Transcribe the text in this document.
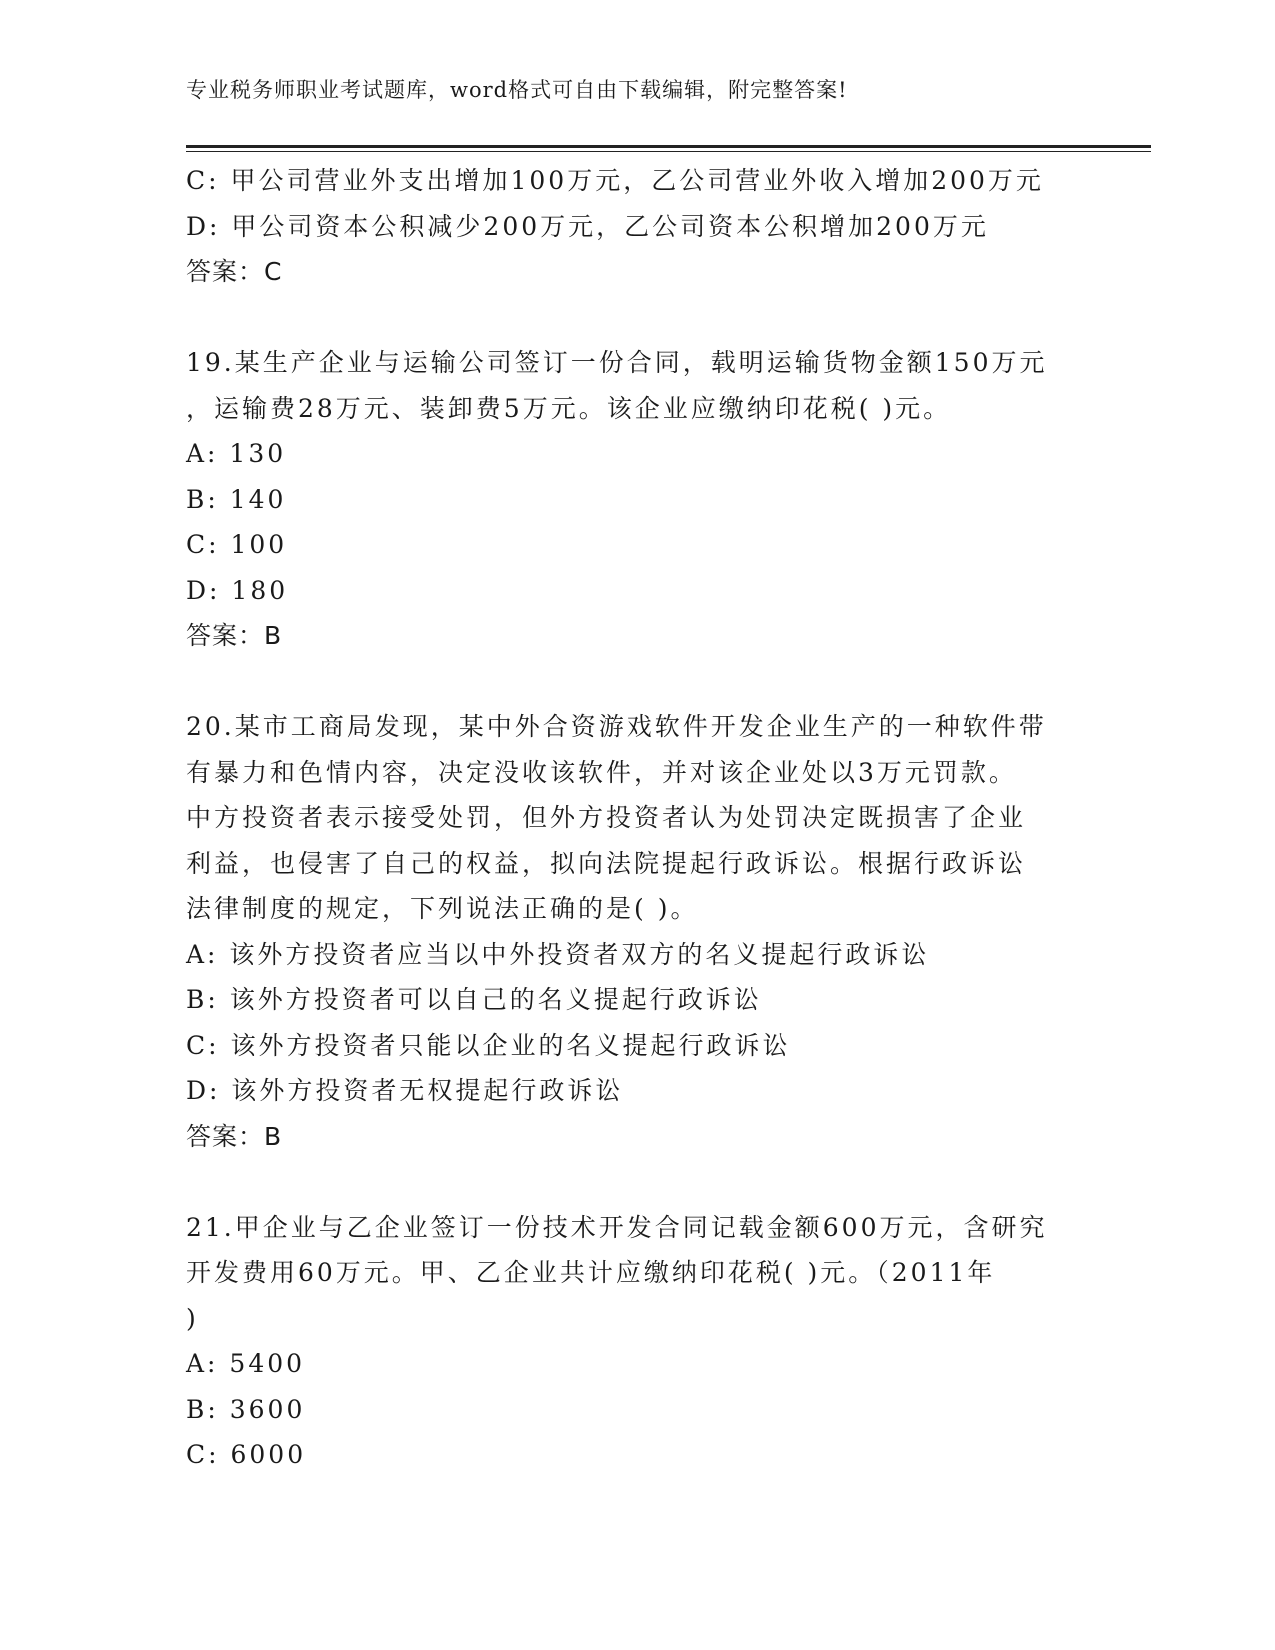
专业税务师职业考试题库，word格式可自由下载编辑，附完整答案!
C: 甲公司营业外支出增加100万元，乙公司营业外收入增加200万元
D: 甲公司资本公积减少200万元，乙公司资本公积增加200万元
答案：C
19.某生产企业与运输公司签订一份合同，载明运输货物金额150万元
，运输费28万元、装卸费5万元。该企业应缴纳印花税( )元。
A: 130
B: 140
C: 100
D: 180
答案：B
20.某市工商局发现，某中外合资游戏软件开发企业生产的一种软件带
有暴力和色情内容，决定没收该软件，并对该企业处以3万元罚款。
中方投资者表示接受处罚，但外方投资者认为处罚决定既损害了企业
利益，也侵害了自己的权益，拟向法院提起行政诉讼。根据行政诉讼
法律制度的规定，下列说法正确的是( )。
A: 该外方投资者应当以中外投资者双方的名义提起行政诉讼
B: 该外方投资者可以自己的名义提起行政诉讼
C: 该外方投资者只能以企业的名义提起行政诉讼
D: 该外方投资者无权提起行政诉讼
答案：B
21.甲企业与乙企业签订一份技术开发合同记载金额600万元，含研究
开发费用60万元。甲、乙企业共计应缴纳印花税( )元。（2011年
)
A: 5400
B: 3600
C: 6000
